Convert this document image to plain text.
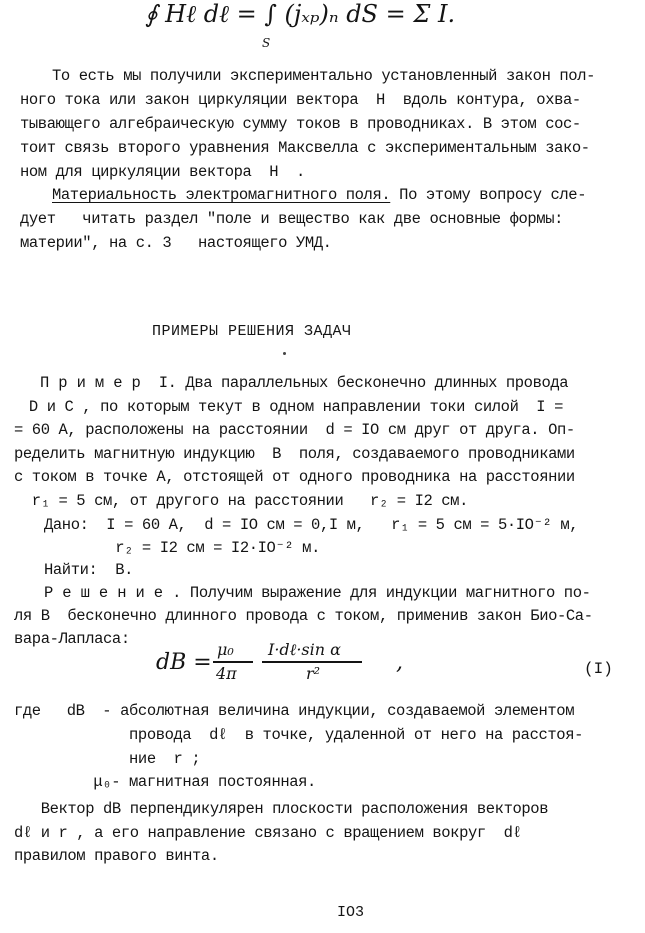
∮ Hℓ dℓ = ∫ (jₓₚ)ₙ dS = Σ I.
S
То есть мы получили экспериментально установленный закон пол-
ного тока или закон циркуляции вектора  H  вдоль контура, охва-
тывающего алгебраическую сумму токов в проводниках. В этом сос-
тоит связь второго уравнения Максвелла с экспериментальным зако-
ном для циркуляции вектора  H  .
Материальность электромагнитного поля. По этому вопросу сле-
дует   читать раздел "поле и вещество как две основные формы:
материи", на с. 3   настоящего УМД.
ПРИМЕРЫ РЕШЕНИЯ ЗАДАЧ
Пример I. Два параллельных бесконечно длинных провода
D и C , по которым текут в одном направлении токи силой  I =
= 60 А, расположены на расстоянии  d = IO см друг от друга. Оп-
ределить магнитную индукцию  B  поля, создаваемого проводниками
с током в точке А, отстоящей от одного проводника на расстоянии
r₁ = 5 см, от другого на расстоянии   r₂ = I2 см.
Дано:  I = 60 А,  d = IO см = 0,I м,   r₁ = 5 см = 5·IO⁻² м,
r₂ = I2 см = I2·IO⁻² м.
Найти:  В.
Решение. Получим выражение для индукции магнитного по-
ля B  бесконечно длинного провода с током, применив закон Био-Са-
вара-Лапласа:
dB =
μ₀
4π
I·dℓ·sin α
r²	,	(I)
где dB  - абсолютная величина индукции, создаваемой элементом
провода  dℓ  в точке, удаленной от него на расстоя-
ние  r ;
μ₀- магнитная постоянная.
Вектор dB перпендикулярен плоскости расположения векторов
dℓ и r , а его направление связано с вращением вокруг  dℓ
правилом правого винта.
IO3
